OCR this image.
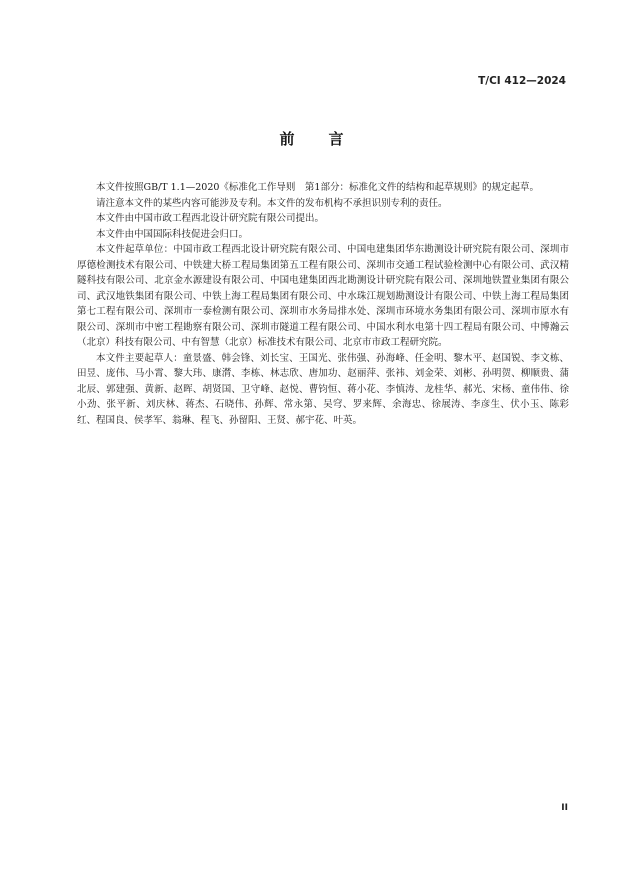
T/CI 412—2024
前言

本文件按照GB/T 1.1—2020《标准化工作导则　第1部分：标准化文件的结构和起草规则》的规定起草。

请注意本文件的某些内容可能涉及专利。本文件的发布机构不承担识别专利的责任。

本文件由中国市政工程西北设计研究院有限公司提出。

本文件由中国国际科技促进会归口。

本文件起草单位：中国市政工程西北设计研究院有限公司、中国电建集团华东勘测设计研究院有限公司、深圳市厚德检测技术有限公司、中铁建大桥工程局集团第五工程有限公司、深圳市交通工程试验检测中心有限公司、武汉精隧科技有限公司、北京金水源建设有限公司、中国电建集团西北勘测设计研究院有限公司、深圳地铁置业集团有限公司、武汉地铁集团有限公司、中铁上海工程局集团有限公司、中水珠江规划勘测设计有限公司、中铁上海工程局集团第七工程有限公司、深圳市一泰检测有限公司、深圳市水务局排水处、深圳市环境水务集团有限公司、深圳市原水有限公司、深圳市中密工程勘察有限公司、深圳市隧道工程有限公司、中国水利水电第十四工程局有限公司、中博瀚云（北京）科技有限公司、中有智慧（北京）标准技术有限公司、北京市市政工程研究院。

本文件主要起草人：童景盛、韩会锋、刘长宝、王国光、张伟强、孙海峰、任金明、黎木平、赵国锐、李文栋、田昱、庞伟、马小霄、黎大玮、康潸、李栋、林志欣、唐加功、赵丽萍、张祎、刘金荣、刘彬、孙明贺、柳顺贵、蒲北辰、郭建强、黄新、赵晖、胡贤国、卫守峰、赵悦、曹钧恒、蒋小花、李慎涛、龙桂华、郝光、宋杨、童伟伟、徐小劲、张平新、刘庆林、蒋杰、石晓伟、孙辉、常永第、吴穹、罗来辉、余海忠、徐展涛、李彦生、伏小玉、陈彩红、程国良、侯孝军、翁琳、程飞、孙留阳、王贤、郝宇花、叶英。

II
